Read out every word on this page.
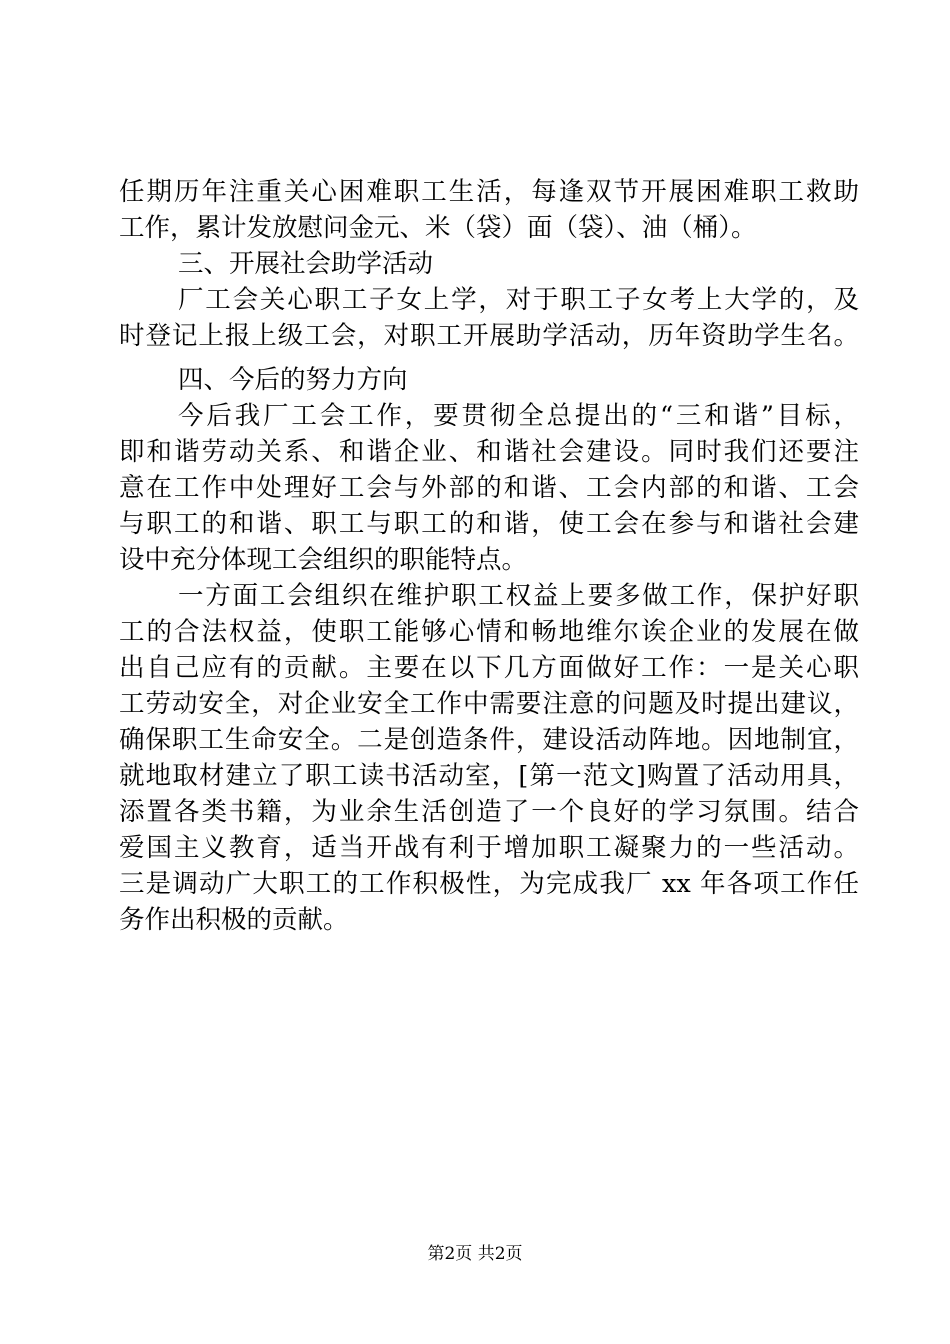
任期历年注重关心困难职工生活，每逢双节开展困难职工救助
工作，累计发放慰问金元、米（袋）面（袋）、油（桶）。
三、开展社会助学活动
厂工会关心职工子女上学，对于职工子女考上大学的，及
时登记上报上级工会，对职工开展助学活动，历年资助学生名。
四、今后的努力方向
今后我厂工会工作，要贯彻全总提出的“三和谐”目标，
即和谐劳动关系、和谐企业、和谐社会建设。同时我们还要注
意在工作中处理好工会与外部的和谐、工会内部的和谐、工会
与职工的和谐、职工与职工的和谐，使工会在参与和谐社会建
设中充分体现工会组织的职能特点。
一方面工会组织在维护职工权益上要多做工作，保护好职
工的合法权益，使职工能够心情和畅地维尔诶企业的发展在做
出自己应有的贡献。主要在以下几方面做好工作：一是关心职
工劳动安全，对企业安全工作中需要注意的问题及时提出建议，
确保职工生命安全。二是创造条件，建设活动阵地。因地制宜，
就地取材建立了职工读书活动室，[第一范文]购置了活动用具，
添置各类书籍，为业余生活创造了一个良好的学习氛围。结合
爱国主义教育，适当开战有利于增加职工凝聚力的一些活动。
三是调动广大职工的工作积极性，为完成我厂 xx 年各项工作任
务作出积极的贡献。
第2页 共2页
